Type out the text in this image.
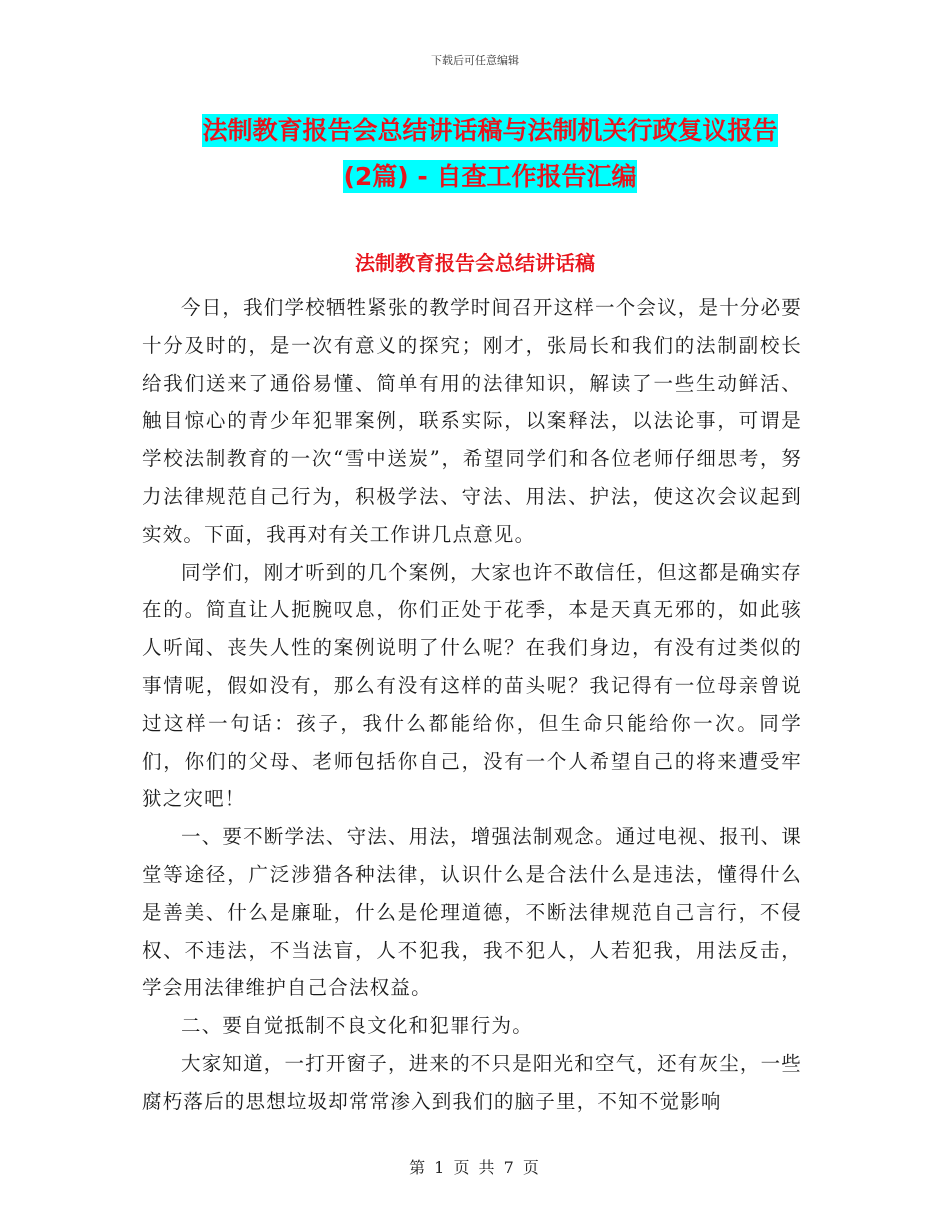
下载后可任意编辑
法制教育报告会总结讲话稿与法制机关行政复议报告
(2篇) - 自查工作报告汇编
法制教育报告会总结讲话稿

今日，我们学校牺牲紧张的教学时间召开这样一个会议，是十分必要十分及时的，是一次有意义的探究；刚才，张局长和我们的法制副校长给我们送来了通俗易懂、简单有用的法律知识，解读了一些生动鲜活、触目惊心的青少年犯罪案例，联系实际，以案释法，以法论事，可谓是学校法制教育的一次“雪中送炭”，希望同学们和各位老师仔细思考，努力法律规范自己行为，积极学法、守法、用法、护法，使这次会议起到实效。下面，我再对有关工作讲几点意见。

同学们，刚才听到的几个案例，大家也许不敢信任，但这都是确实存在的。简直让人扼腕叹息，你们正处于花季，本是天真无邪的，如此骇人听闻、丧失人性的案例说明了什么呢？在我们身边，有没有过类似的事情呢，假如没有，那么有没有这样的苗头呢？我记得有一位母亲曾说过这样一句话：孩子，我什么都能给你，但生命只能给你一次。同学们，你们的父母、老师包括你自己，没有一个人希望自己的将来遭受牢狱之灾吧！

一、要不断学法、守法、用法，增强法制观念。通过电视、报刊、课堂等途径，广泛涉猎各种法律，认识什么是合法什么是违法，懂得什么是善美、什么是廉耻，什么是伦理道德，不断法律规范自己言行，不侵权、不违法，不当法盲，人不犯我，我不犯人，人若犯我，用法反击，学会用法律维护自己合法权益。

二、要自觉抵制不良文化和犯罪行为。

大家知道，一打开窗子，进来的不只是阳光和空气，还有灰尘，一些腐朽落后的思想垃圾却常常渗入到我们的脑子里，不知不觉影响

第 1 页 共 7 页
